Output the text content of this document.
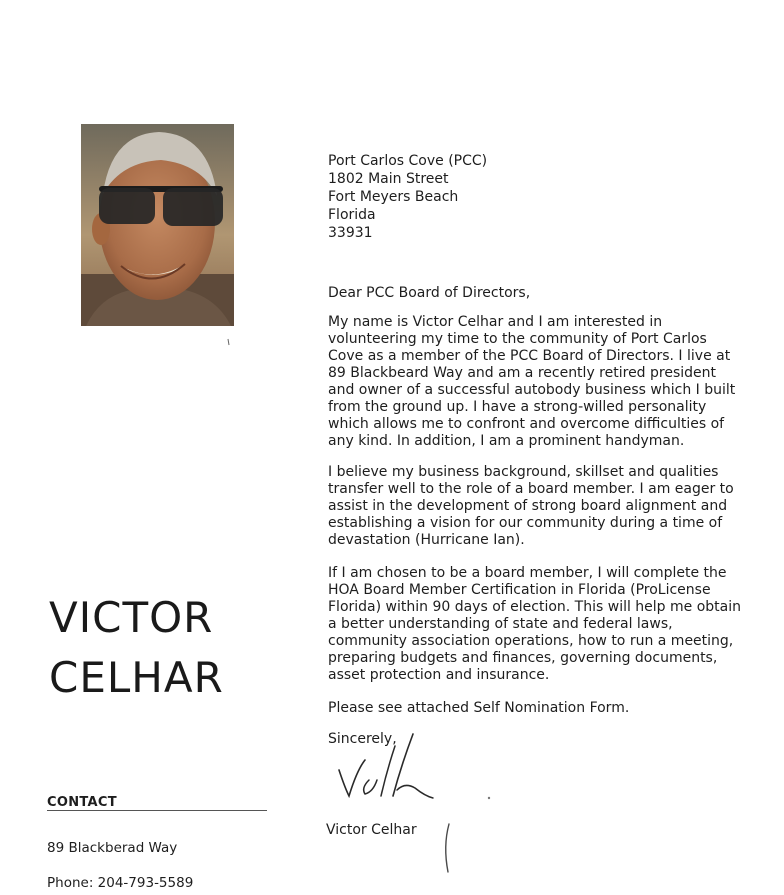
VICTOR
CELHAR
CONTACT
89 Blackberad Way
Phone: 204-793-5589
Port Carlos Cove (PCC)
1802 Main Street
Fort Meyers Beach
Florida
33931
Dear PCC Board of Directors,
My name is Victor Celhar and I am interested in
volunteering my time to the community of Port Carlos
Cove as a member of the PCC Board of Directors. I live at
89 Blackbeard Way and am a recently retired president
and owner of a successful autobody business which I built
from the ground up. I have a strong-willed personality
which allows me to confront and overcome difficulties of
any kind. In addition, I am a prominent handyman.
I believe my business background, skillset and qualities
transfer well to the role of a board member. I am eager to
assist in the development of strong board alignment and
establishing a vision for our community during a time of
devastation (Hurricane Ian).
If I am chosen to be a board member, I will complete the
HOA Board Member Certification in Florida (ProLicense
Florida) within 90 days of election. This will help me obtain
a better understanding of state and federal laws,
community association operations, how to run a meeting,
preparing budgets and finances, governing documents,
asset protection and insurance.
Please see attached Self Nomination Form.
Sincerely,
Victor Celhar
